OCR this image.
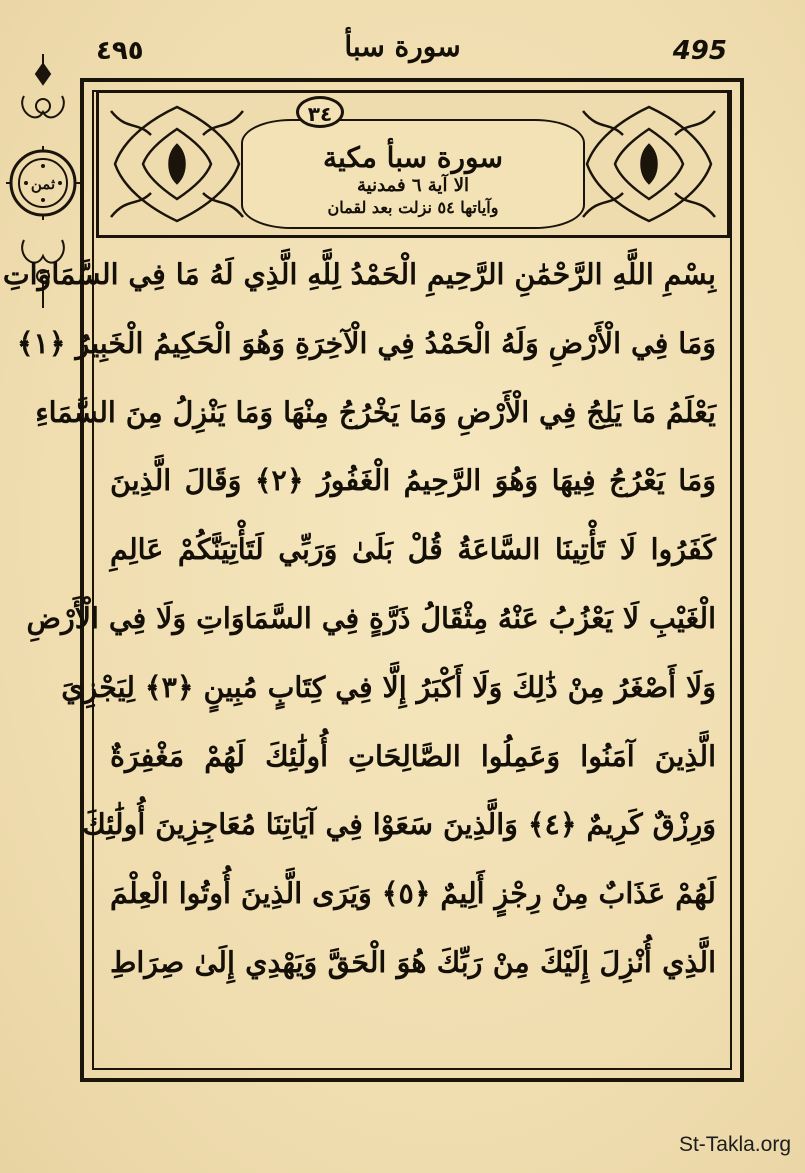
٤٩٥	سورة سبأ	495
ثمن
سورة سبأ مكية
الا آية ٦ فمدنية
وآياتها ٥٤ نزلت بعد لقمان
٣٤
بِسْمِ اللَّهِ الرَّحْمَٰنِ الرَّحِيمِ الْحَمْدُ لِلَّهِ الَّذِي لَهُ مَا فِي السَّمَاوَاتِ
وَمَا فِي الْأَرْضِ وَلَهُ الْحَمْدُ فِي الْآخِرَةِ وَهُوَ الْحَكِيمُ الْخَبِيرُ ﴿١﴾
يَعْلَمُ مَا يَلِجُ فِي الْأَرْضِ وَمَا يَخْرُجُ مِنْهَا وَمَا يَنْزِلُ مِنَ السَّمَاءِ
وَمَا يَعْرُجُ فِيهَا وَهُوَ الرَّحِيمُ الْغَفُورُ ﴿٢﴾ وَقَالَ الَّذِينَ
كَفَرُوا لَا تَأْتِينَا السَّاعَةُ قُلْ بَلَىٰ وَرَبِّي لَتَأْتِيَنَّكُمْ عَالِمِ
الْغَيْبِ لَا يَعْزُبُ عَنْهُ مِثْقَالُ ذَرَّةٍ فِي السَّمَاوَاتِ وَلَا فِي الْأَرْضِ
وَلَا أَصْغَرُ مِنْ ذَٰلِكَ وَلَا أَكْبَرُ إِلَّا فِي كِتَابٍ مُبِينٍ ﴿٣﴾ لِيَجْزِيَ
الَّذِينَ آمَنُوا وَعَمِلُوا الصَّالِحَاتِ أُولَٰئِكَ لَهُمْ مَغْفِرَةٌ
وَرِزْقٌ كَرِيمٌ ﴿٤﴾ وَالَّذِينَ سَعَوْا فِي آيَاتِنَا مُعَاجِزِينَ أُولَٰئِكَ
لَهُمْ عَذَابٌ مِنْ رِجْزٍ أَلِيمٌ ﴿٥﴾ وَيَرَى الَّذِينَ أُوتُوا الْعِلْمَ
الَّذِي أُنْزِلَ إِلَيْكَ مِنْ رَبِّكَ هُوَ الْحَقَّ وَيَهْدِي إِلَىٰ صِرَاطِ
St-Takla.org
